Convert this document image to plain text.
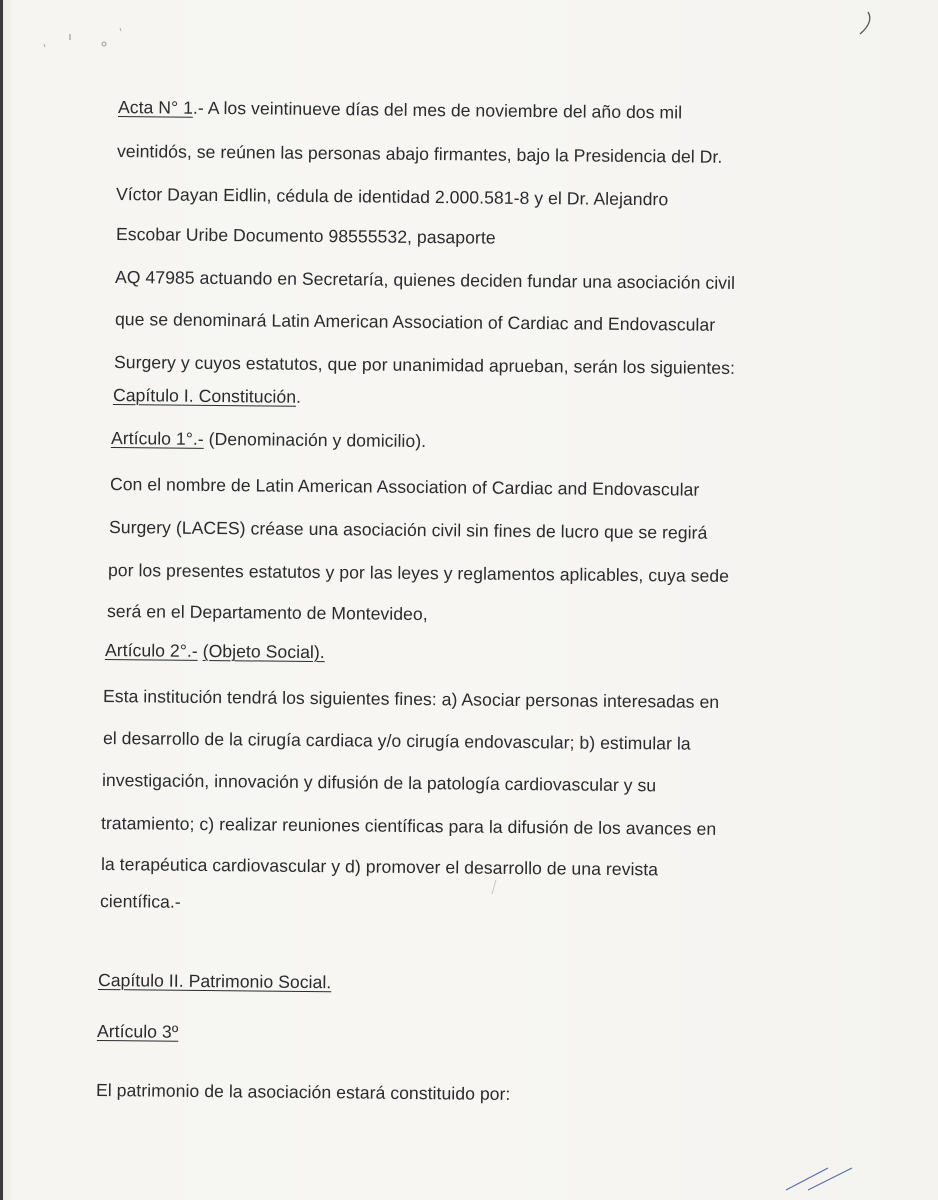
Acta N° 1.- A los veintinueve días del mes de noviembre del año dos mil
veintidós, se reúnen las personas abajo firmantes, bajo la Presidencia del Dr.
Víctor Dayan Eidlin, cédula de identidad 2.000.581-8 y el Dr. Alejandro
Escobar Uribe Documento 98555532, pasaporte
AQ 47985 actuando en Secretaría, quienes deciden fundar una asociación civil
que se denominará Latin American Association of Cardiac and Endovascular
Surgery y cuyos estatutos, que por unanimidad aprueban, serán los siguientes:
Capítulo I. Constitución.
Artículo 1°.- (Denominación y domicilio).
Con el nombre de Latin American Association of Cardiac and Endovascular
Surgery (LACES) créase una asociación civil sin fines de lucro que se regirá
por los presentes estatutos y por las leyes y reglamentos aplicables, cuya sede
será en el Departamento de Montevideo,
Artículo 2°.- (Objeto Social).
Esta institución tendrá los siguientes fines: a) Asociar personas interesadas en
el desarrollo de la cirugía cardiaca y/o cirugía endovascular; b) estimular la
investigación, innovación y difusión de la patología cardiovascular y su
tratamiento; c) realizar reuniones científicas para la difusión de los avances en
la terapéutica cardiovascular y d) promover el desarrollo de una revista
científica.-
Capítulo II. Patrimonio Social.
Artículo 3º
El patrimonio de la asociación estará constituido por:
